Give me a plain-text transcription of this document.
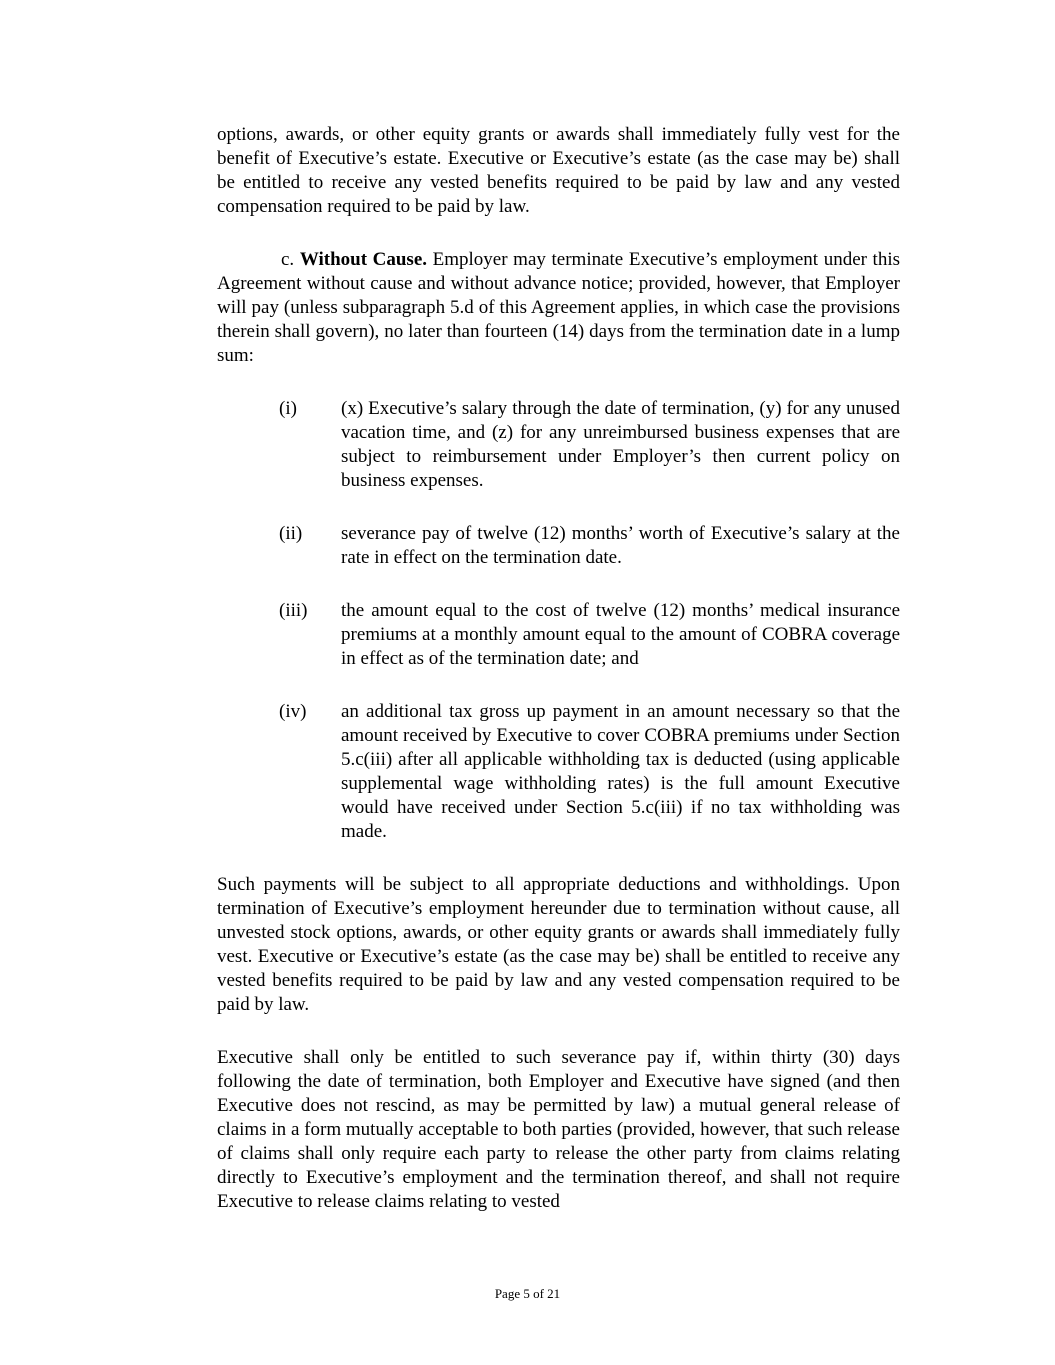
options, awards, or other equity grants or awards shall immediately fully vest for the benefit of Executive’s estate. Executive or Executive’s estate (as the case may be) shall be entitled to receive any vested benefits required to be paid by law and any vested compensation required to be paid by law.

c. Without Cause. Employer may terminate Executive’s employment under this Agreement without cause and without advance notice; provided, however, that Employer will pay (unless subparagraph 5.d of this Agreement applies, in which case the provisions therein shall govern), no later than fourteen (14) days from the termination date in a lump sum:

(i)	(x) Executive’s salary through the date of termination, (y) for any unused vacation time, and (z) for any unreimbursed business expenses that are subject to reimbursement under Employer’s then current policy on business expenses.
(ii)	severance pay of twelve (12) months’ worth of Executive’s salary at the rate in effect on the termination date.
(iii)	the amount equal to the cost of twelve (12) months’ medical insurance premiums at a monthly amount equal to the amount of COBRA coverage in effect as of the termination date; and
(iv)	an additional tax gross up payment in an amount necessary so that the amount received by Executive to cover COBRA premiums under Section 5.c(iii) after all applicable withholding tax is deducted (using applicable supplemental wage withholding rates) is the full amount Executive would have received under Section 5.c(iii) if no tax withholding was made.

Such payments will be subject to all appropriate deductions and withholdings. Upon termination of Executive’s employment hereunder due to termination without cause, all unvested stock options, awards, or other equity grants or awards shall immediately fully vest. Executive or Executive’s estate (as the case may be) shall be entitled to receive any vested benefits required to be paid by law and any vested compensation required to be paid by law.

Executive shall only be entitled to such severance pay if, within thirty (30) days following the date of termination, both Employer and Executive have signed (and then Executive does not rescind, as may be permitted by law) a mutual general release of claims in a form mutually acceptable to both parties (provided, however, that such release of claims shall only require each party to release the other party from claims relating directly to Executive’s employment and the termination thereof, and shall not require Executive to release claims relating to vested

Page 5 of 21
